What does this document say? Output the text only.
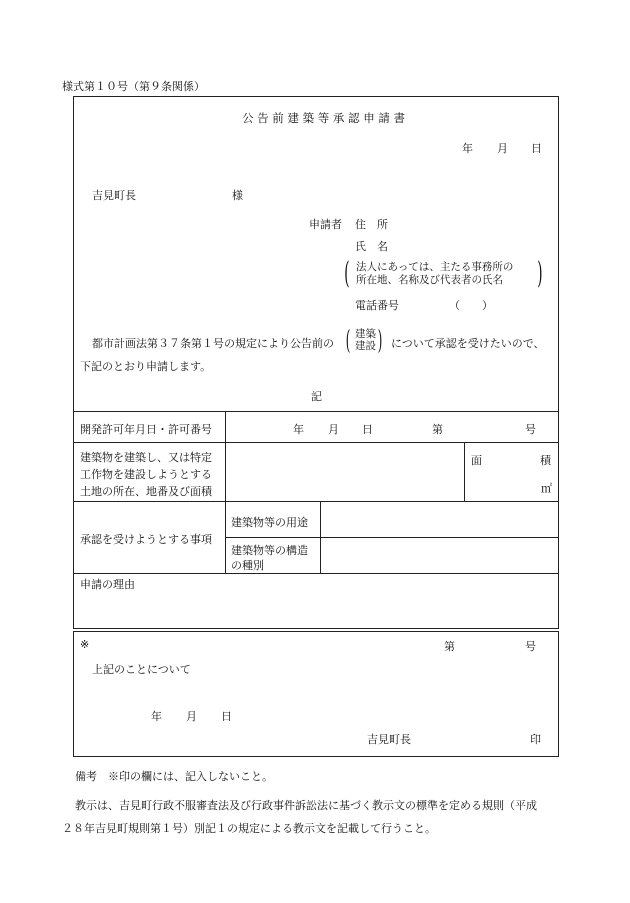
様式第１０号（第９条関係）
公 告 前 建 築 等 承 認 申 請 書
年 月 日
吉見町長	様
申請者 住　所
氏　名
( 法人にあっては、主たる事務所の
所在地、名称及び代表者の氏名 )
電話番号	（　　）
都市計画法第３７条第１号の規定により公告前の ( 建築
建設 ) について承認を受けたいので、
下記のとおり申請します。
記
開発許可年月日・許可番号	年 月 日	第	号
建築物を建築し、又は特定
工作物を建設しようとする
土地の所在、地番及び面積
面	積
㎡
承認を受けようとする事項
建築物等の用途
建築物等の構造
の種別
申請の理由
※	第	号
上記のことについて
年 月 日
吉見町長	印
備考　※印の欄には、記入しないこと。
教示は、吉見町行政不服審査法及び行政事件訴訟法に基づく教示文の標準を定める規則（平成
２８年吉見町規則第１号）別記１の規定による教示文を記載して行うこと。
